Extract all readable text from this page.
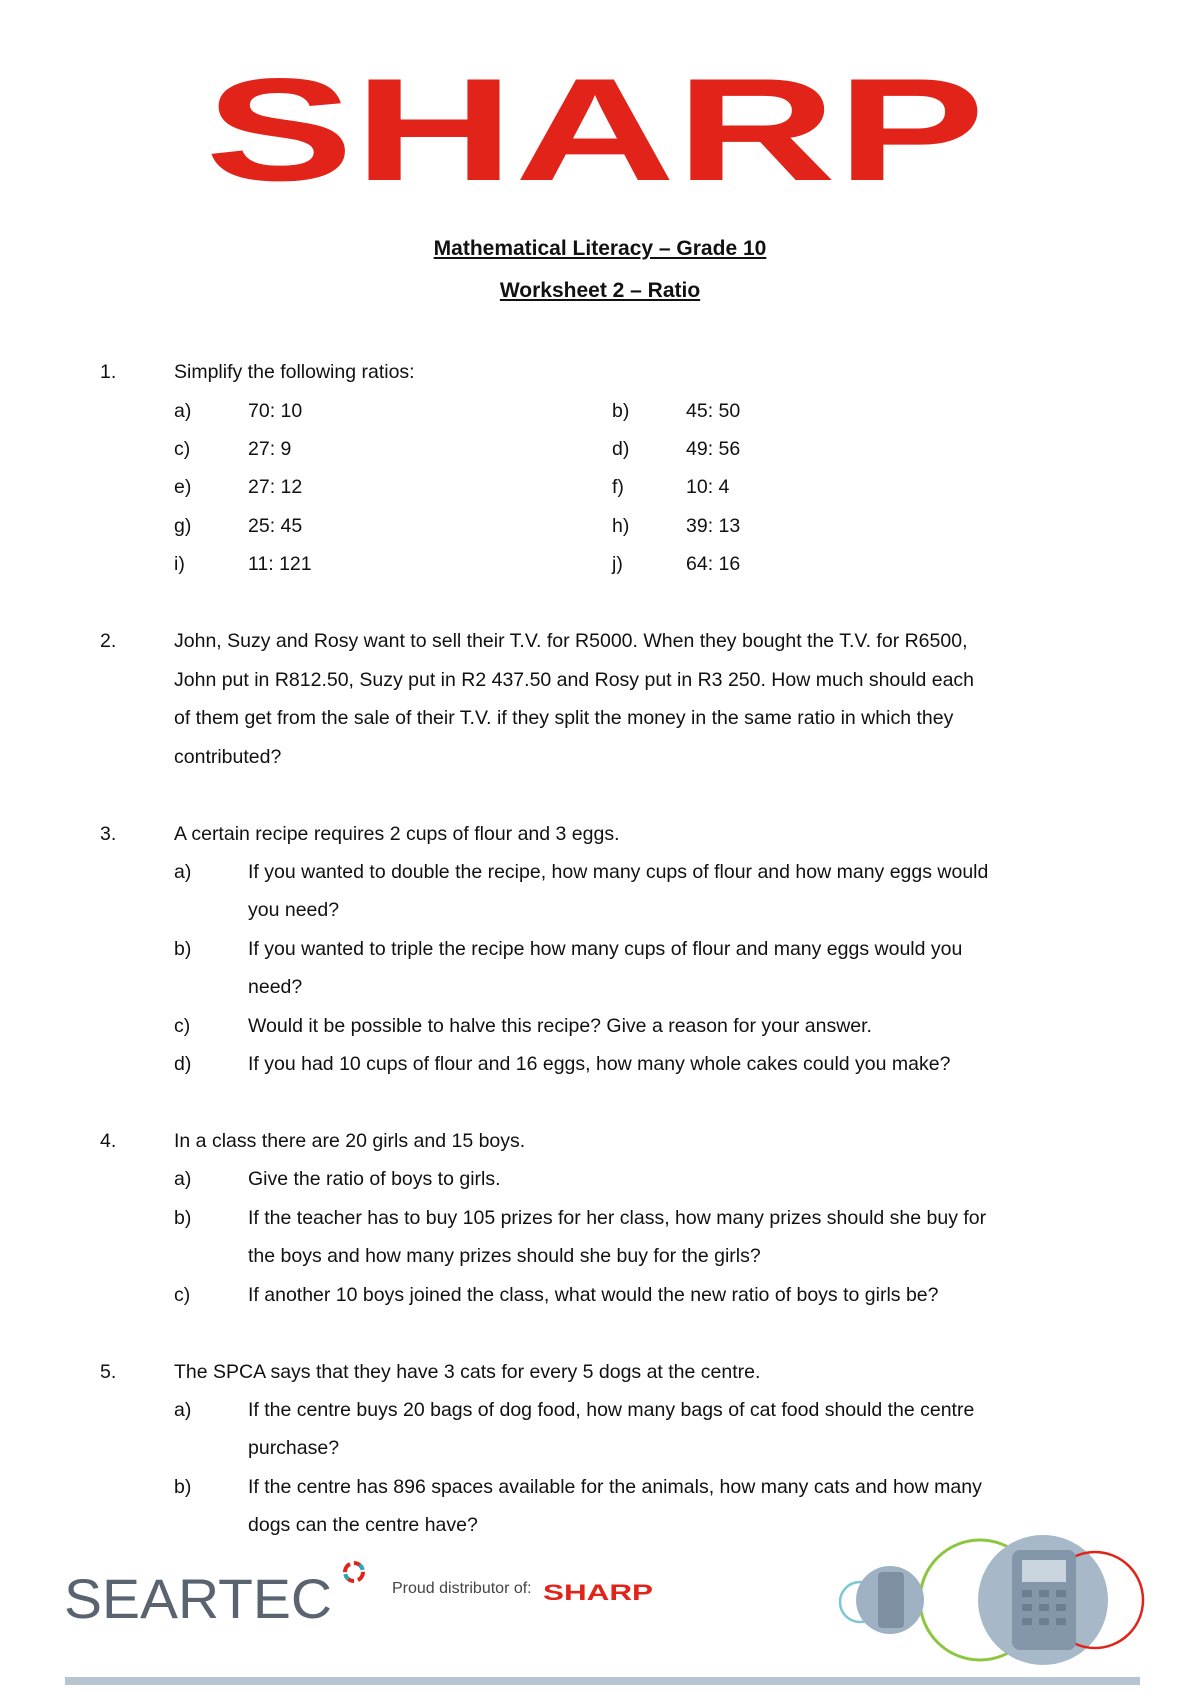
SHARP
Mathematical Literacy – Grade 10
Worksheet 2 – Ratio
1.	Simplify the following ratios:
a)	70: 10	b)	45: 50
c)	27: 9	d)	49: 56
e)	27: 12	f)	10: 4
g)	25: 45	h)	39: 13
i)	11: 121	j)	64: 16
2.	John, Suzy and Rosy want to sell their T.V. for R5000. When they bought the T.V. for R6500,
John put in R812.50, Suzy put in R2 437.50 and Rosy put in R3 250. How much should each
of them get from the sale of their T.V. if they split the money in the same ratio in which they
contributed?
3.	A certain recipe requires 2 cups of flour and 3 eggs.
a)	If you wanted to double the recipe, how many cups of flour and how many eggs would
you need?
b)	If you wanted to triple the recipe how many cups of flour and many eggs would you
need?
c)	Would it be possible to halve this recipe? Give a reason for your answer.
d)	If you had 10 cups of flour and 16 eggs, how many whole cakes could you make?
4.	In a class there are 20 girls and 15 boys.
a)	Give the ratio of boys to girls.
b)	If the teacher has to buy 105 prizes for her class, how many prizes should she buy for
the boys and how many prizes should she buy for the girls?
c)	If another 10 boys joined the class, what would the new ratio of boys to girls be?
5.	The SPCA says that they have 3 cats for every 5 dogs at the centre.
a)	If the centre buys 20 bags of dog food, how many bags of cat food should the centre
purchase?
b)	If the centre has 896 spaces available for the animals, how many cats and how many
dogs can the centre have?
SEARTEC	Proud distributor of: SHARP
